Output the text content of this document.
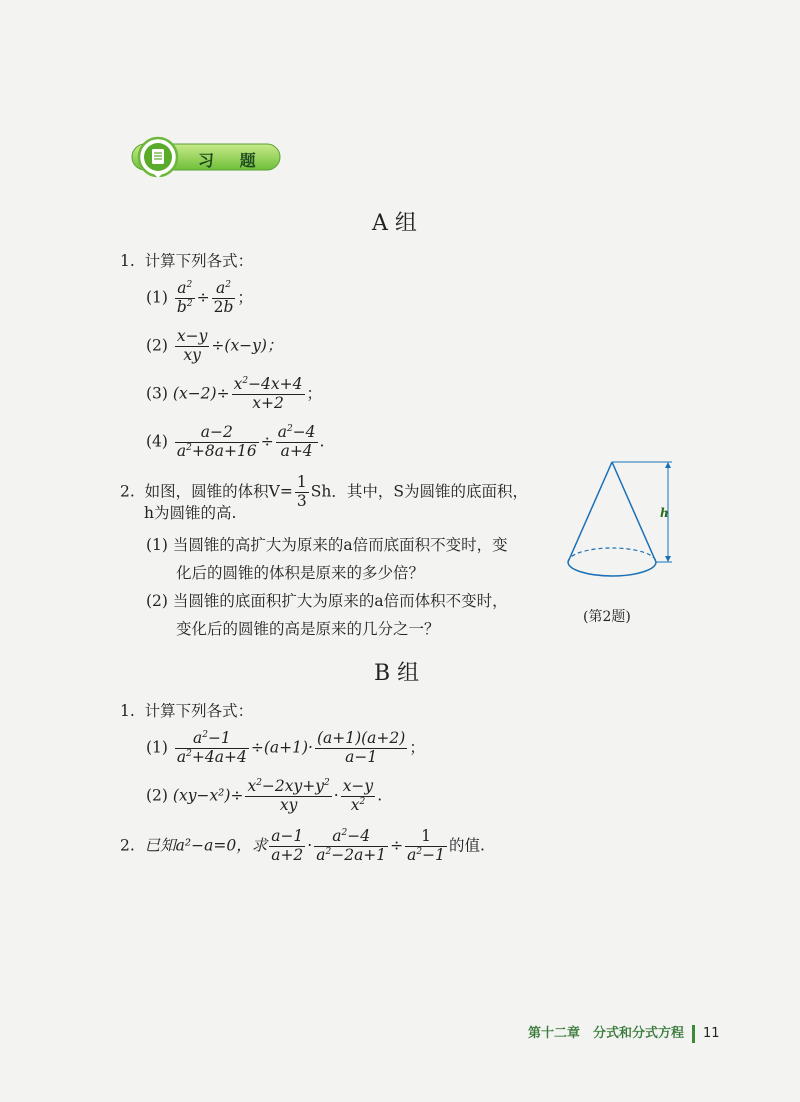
习 题
A 组
1. 计算下列各式：
$(1) \frac{a^2}{b^2} \div \frac{a^2}{2b}$ ；
$(2) \frac{x-y}{xy} \div(x-y)$；
(3) $(x-2)\div \frac{x^2-4x+4}{x+2}$ ；
$(4) \frac{a-2}{a^2+8a+16} \div \frac{a^2-4}{a+4}$ .
2. 如图，圆锥的体积$V= \frac{1}{3}$ Sh．其中，S为圆锥的底面积，
h为圆锥的高.
(1) 当圆锥的高扩大为原来的a倍而底面积不变时，变
化后的圆锥的体积是原来的多少倍？
(2) 当圆锥的底面积扩大为原来的a倍而体积不变时，
变化后的圆锥的高是原来的几分之一？
h
(第2题)
B 组
1. 计算下列各式：
$(1) \frac{a^2-1}{a^2+4a+4} \div(a+1)\cdot \frac{(a+1)(a+2)}{a-1}$ ；
(2) $(xy-x^2)\div \frac{x^2-2xy+y^2}{xy} \cdot \frac{x-y}{x^2}$ .
2. 已知a²−a=0，求 $\frac{a-1}{a+2} \cdot \frac{a^2-4}{a^2-2a+1} \div \frac{1}{a^2-1}$ 的值.
第十二章　分式和分式方程 11
